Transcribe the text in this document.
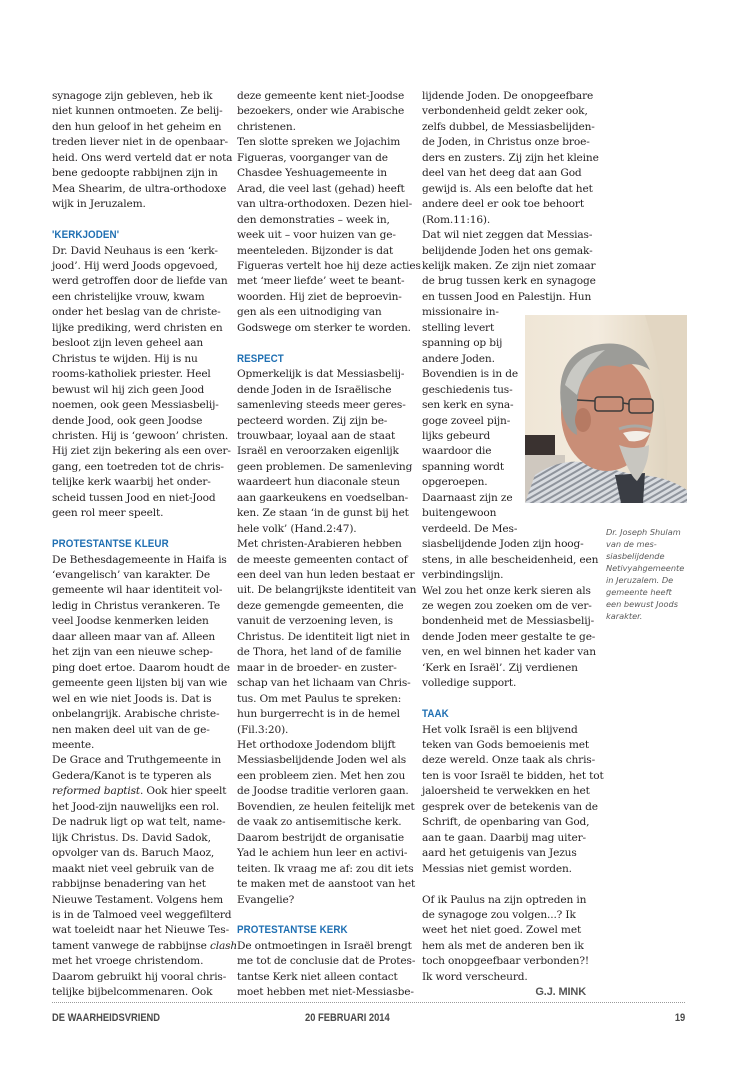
synagoge zijn gebleven, heb ik
niet kunnen ontmoeten. Ze belij-
den hun geloof in het geheim en
treden liever niet in de openbaar-
heid. Ons werd verteld dat er nota
bene gedoopte rabbijnen zijn in
Mea Shearim, de ultra-orthodoxe
wijk in Jeruzalem.

'KERKJODEN'

Dr. David Neuhaus is een ‘kerk-
jood’. Hij werd Joods opgevoed,
werd getroffen door de liefde van
een christelijke vrouw, kwam
onder het beslag van de christe-
lijke prediking, werd christen en
besloot zijn leven geheel aan
Christus te wijden. Hij is nu
rooms-katholiek priester. Heel
bewust wil hij zich geen Jood
noemen, ook geen Messiasbelij-
dende Jood, ook geen Joodse
christen. Hij is ‘gewoon’ christen.
Hij ziet zijn bekering als een over-
gang, een toetreden tot de chris-
telijke kerk waarbij het onder-
scheid tussen Jood en niet-Jood
geen rol meer speelt.

PROTESTANTSE KLEUR

De Bethesdagemeente in Haifa is
‘evangelisch’ van karakter. De
gemeente wil haar identiteit vol-
ledig in Christus verankeren. Te
veel Joodse kenmerken leiden
daar alleen maar van af. Alleen
het zijn van een nieuwe schep-
ping doet ertoe. Daarom houdt de
gemeente geen lijsten bij van wie
wel en wie niet Joods is. Dat is
onbelangrijk. Arabische christe-
nen maken deel uit van de ge-
meente.
De Grace and Truthgemeente in
Gedera/Kanot is te typeren als
reformed baptist. Ook hier speelt
het Jood-zijn nauwelijks een rol.
De nadruk ligt op wat telt, name-
lijk Christus. Ds. David Sadok,
opvolger van ds. Baruch Maoz,
maakt niet veel gebruik van de
rabbijnse benadering van het
Nieuwe Testament. Volgens hem
is in de Talmoed veel weggefilterd
wat toeleidt naar het Nieuwe Tes-
tament vanwege de rabbijnse clash
met het vroege christendom.
Daarom gebruikt hij vooral chris-
telijke bijbelcommenaren. Ook

deze gemeente kent niet-Joodse
bezoekers, onder wie Arabische
christenen.
Ten slotte spreken we Jojachim
Figueras, voorganger van de
Chasdee Yeshuagemeente in
Arad, die veel last (gehad) heeft
van ultra-orthodoxen. Dezen hiel-
den demonstraties – week in,
week uit – voor huizen van ge-
meenteleden. Bijzonder is dat
Figueras vertelt hoe hij deze acties
met ‘meer liefde’ weet te beant-
woorden. Hij ziet de beproevin-
gen als een uitnodiging van
Godswege om sterker te worden.

RESPECT

Opmerkelijk is dat Messiasbelij-
dende Joden in de Israëlische
samenleving steeds meer geres-
pecteerd worden. Zij zijn be-
trouwbaar, loyaal aan de staat
Israël en veroorzaken eigenlijk
geen problemen. De samenleving
waardeert hun diaconale steun
aan gaarkeukens en voedselban-
ken. Ze staan ‘in de gunst bij het
hele volk’ (Hand.2:47).
Met christen-Arabieren hebben
de meeste gemeenten contact of
een deel van hun leden bestaat er
uit. De belangrijkste identiteit van
deze gemengde gemeenten, die
vanuit de verzoening leven, is
Christus. De identiteit ligt niet in
de Thora, het land of de familie
maar in de broeder- en zuster-
schap van het lichaam van Chris-
tus. Om met Paulus te spreken:
hun burgerrecht is in de hemel
(Fil.3:20).
Het orthodoxe Jodendom blijft
Messiasbelijdende Joden wel als
een probleem zien. Met hen zou
de Joodse traditie verloren gaan.
Bovendien, ze heulen feitelijk met
de vaak zo antisemitische kerk.
Daarom bestrijdt de organisatie
Yad le achiem hun leer en activi-
teiten. Ik vraag me af: zou dit iets
te maken met de aanstoot van het
Evangelie?

PROTESTANTSE KERK

De ontmoetingen in Israël brengt
me tot de conclusie dat de Protes-
tantse Kerk niet alleen contact
moet hebben met niet-Messiasbe-

lijdende Joden. De onopgeefbare
verbondenheid geldt zeker ook,
zelfs dubbel, de Messiasbelijden-
de Joden, in Christus onze broe-
ders en zusters. Zij zijn het kleine
deel van het deeg dat aan God
gewijd is. Als een belofte dat het
andere deel er ook toe behoort
(Rom.11:16).
Dat wil niet zeggen dat Messias-
belijdende Joden het ons gemak-
kelijk maken. Ze zijn niet zomaar
de brug tussen kerk en synagoge
en tussen Jood en Palestijn. Hun
missionaire in-
stelling levert
spanning op bij
andere Joden.
Bovendien is in de
geschiedenis tus-
sen kerk en syna-
goge zoveel pijn-
lijks gebeurd
waardoor die
spanning wordt
opgeroepen.
Daarnaast zijn ze
buitengewoon
verdeeld. De Mes-
siasbelijdende Joden zijn hoog-
stens, in alle bescheidenheid, een
verbindingslijn.
Wel zou het onze kerk sieren als
ze wegen zou zoeken om de ver-
bondenheid met de Messiasbelij-
dende Joden meer gestalte te ge-
ven, en wel binnen het kader van
‘Kerk en Israël’. Zij verdienen
volledige support.

TAAK

Het volk Israël is een blijvend
teken van Gods bemoeienis met
deze wereld. Onze taak als chris-
ten is voor Israël te bidden, het tot
jaloersheid te verwekken en het
gesprek over de betekenis van de
Schrift, de openbaring van God,
aan te gaan. Daarbij mag uiter-
aard het getuigenis van Jezus
Messias niet gemist worden.

Of ik Paulus na zijn optreden in
de synagoge zou volgen...? Ik
weet het niet goed. Zowel met
hem als met de anderen ben ik
toch onopgeefbaar verbonden?!
Ik word verscheurd.

G.J. MINK
Dr. Joseph Shulam
van de mes-
siasbelijdende
Netivyahgemeente
in Jeruzalem. De
gemeente heeft
een bewust Joods
karakter.
DE WAARHEIDSVRIEND	20 FEBRUARI 2014	19
